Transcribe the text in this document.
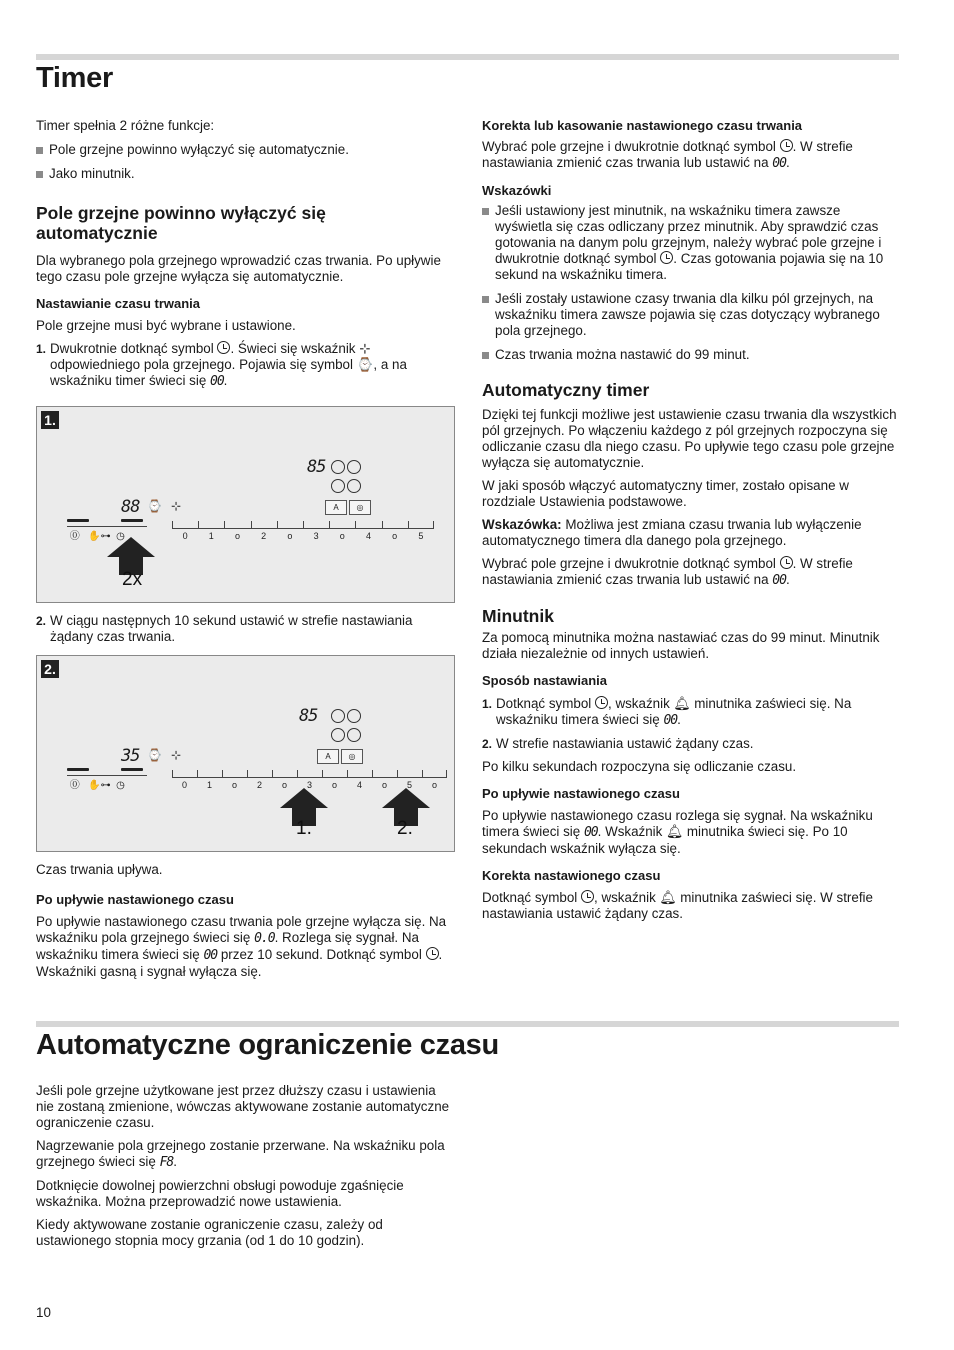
Timer

Timer spełnia 2 różne funkcje:

Pole grzejne powinno wyłączyć się automatycznie.
Jako minutnik.
Pole grzejne powinno wyłączyć się automatycznie

Dla wybranego pola grzejnego wprowadzić czas trwania. Po upływie tego czasu pole grzejne wyłącza się automatycznie.

Nastawianie czasu trwania

Pole grzejne musi być wybrane i ustawione.

1. Dwukrotnie dotknąć symbol . Świeci się wskaźnik ⊹ odpowiedniego pola grzejnego. Pojawia się symbol ⌚, a na wskaźniku timer świeci się 00.
1.
85
A	◎
88 ⌚ ⊹
⓪   ✋⊶  ◷	0	1	o	2	o	3	o	4	o	5
2x
2. W ciągu następnych 10 sekund ustawić w strefie nastawiania żądany czas trwania.
2.
85
A	◎
35 ⌚ ⊹
⓪   ✋⊶  ◷	0	1	o	2	o	3	o	4	o	5	o
1.	2.

Czas trwania upływa.

Po upływie nastawionego czasu

Po upływie nastawionego czasu trwania pole grzejne wyłącza się. Na wskaźniku pola grzejnego świeci się 0.0. Rozlega się sygnał. Na wskaźniku timera świeci się 00 przez 10 sekund. Dotknąć symbol . Wskaźniki gasną i sygnał wyłącza się.

Korekta lub kasowanie nastawionego czasu trwania

Wybrać pole grzejne i dwukrotnie dotknąć symbol . W strefie nastawiania zmienić czas trwania lub ustawić na 00.

Wskazówki
Jeśli ustawiony jest minutnik, na wskaźniku timera zawsze wyświetla się czas odliczany przez minutnik. Aby sprawdzić czas gotowania na danym polu grzejnym, należy wybrać pole grzejne i dwukrotnie dotknąć symbol . Czas gotowania pojawia się na 10 sekund na wskaźniku timera.
Jeśli zostały ustawione czasy trwania dla kilku pól grzejnych, na wskaźniku timera zawsze pojawia się czas dotyczący wybranego pola grzejnego.
Czas trwania można nastawić do 99 minut.
Automatyczny timer

Dzięki tej funkcji możliwe jest ustawienie czasu trwania dla wszystkich pól grzejnych. Po włączeniu każdego z pól grzejnych rozpoczyna się odliczanie czasu dla niego czasu. Po upływie tego czasu pole grzejne wyłącza się automatycznie.

W jaki sposób włączyć automatyczny timer, zostało opisane w rozdziale Ustawienia podstawowe.

Wskazówka: Możliwa jest zmiana czasu trwania lub wyłączenie automatycznego timera dla danego pola grzejnego.

Wybrać pole grzejne i dwukrotnie dotknąć symbol . W strefie nastawiania zmienić czas trwania lub ustawić na 00.

Minutnik

Za pomocą minutnika można nastawiać czas do 99 minut. Minutnik działa niezależnie od innych ustawień.

Sposób nastawiania
1. Dotknąć symbol , wskaźnik 🔔︎ minutnika zaświeci się. Na wskaźniku timera świeci się 00.
2. W strefie nastawiania ustawić żądany czas.

Po kilku sekundach rozpoczyna się odliczanie czasu.

Po upływie nastawionego czasu

Po upływie nastawionego czasu rozlega się sygnał. Na wskaźniku timera świeci się 00. Wskaźnik 🔔︎ minutnika świeci się. Po 10 sekundach wskaźnik wyłącza się.

Korekta nastawionego czasu

Dotknąć symbol , wskaźnik 🔔︎ minutnika zaświeci się. W strefie nastawiania ustawić żądany czas.

Automatyczne ograniczenie czasu

Jeśli pole grzejne użytkowane jest przez dłuższy czasu i ustawienia nie zostaną zmienione, wówczas aktywowane zostanie automatyczne ograniczenie czasu.

Nagrzewanie pola grzejnego zostanie przerwane. Na wskaźniku pola grzejnego świeci się F8.

Dotknięcie dowolnej powierzchni obsługi powoduje zgaśnięcie wskaźnika. Można przeprowadzić nowe ustawienia.

Kiedy aktywowane zostanie ograniczenie czasu, zależy od ustawionego stopnia mocy grzania (od 1 do 10 godzin).

10
